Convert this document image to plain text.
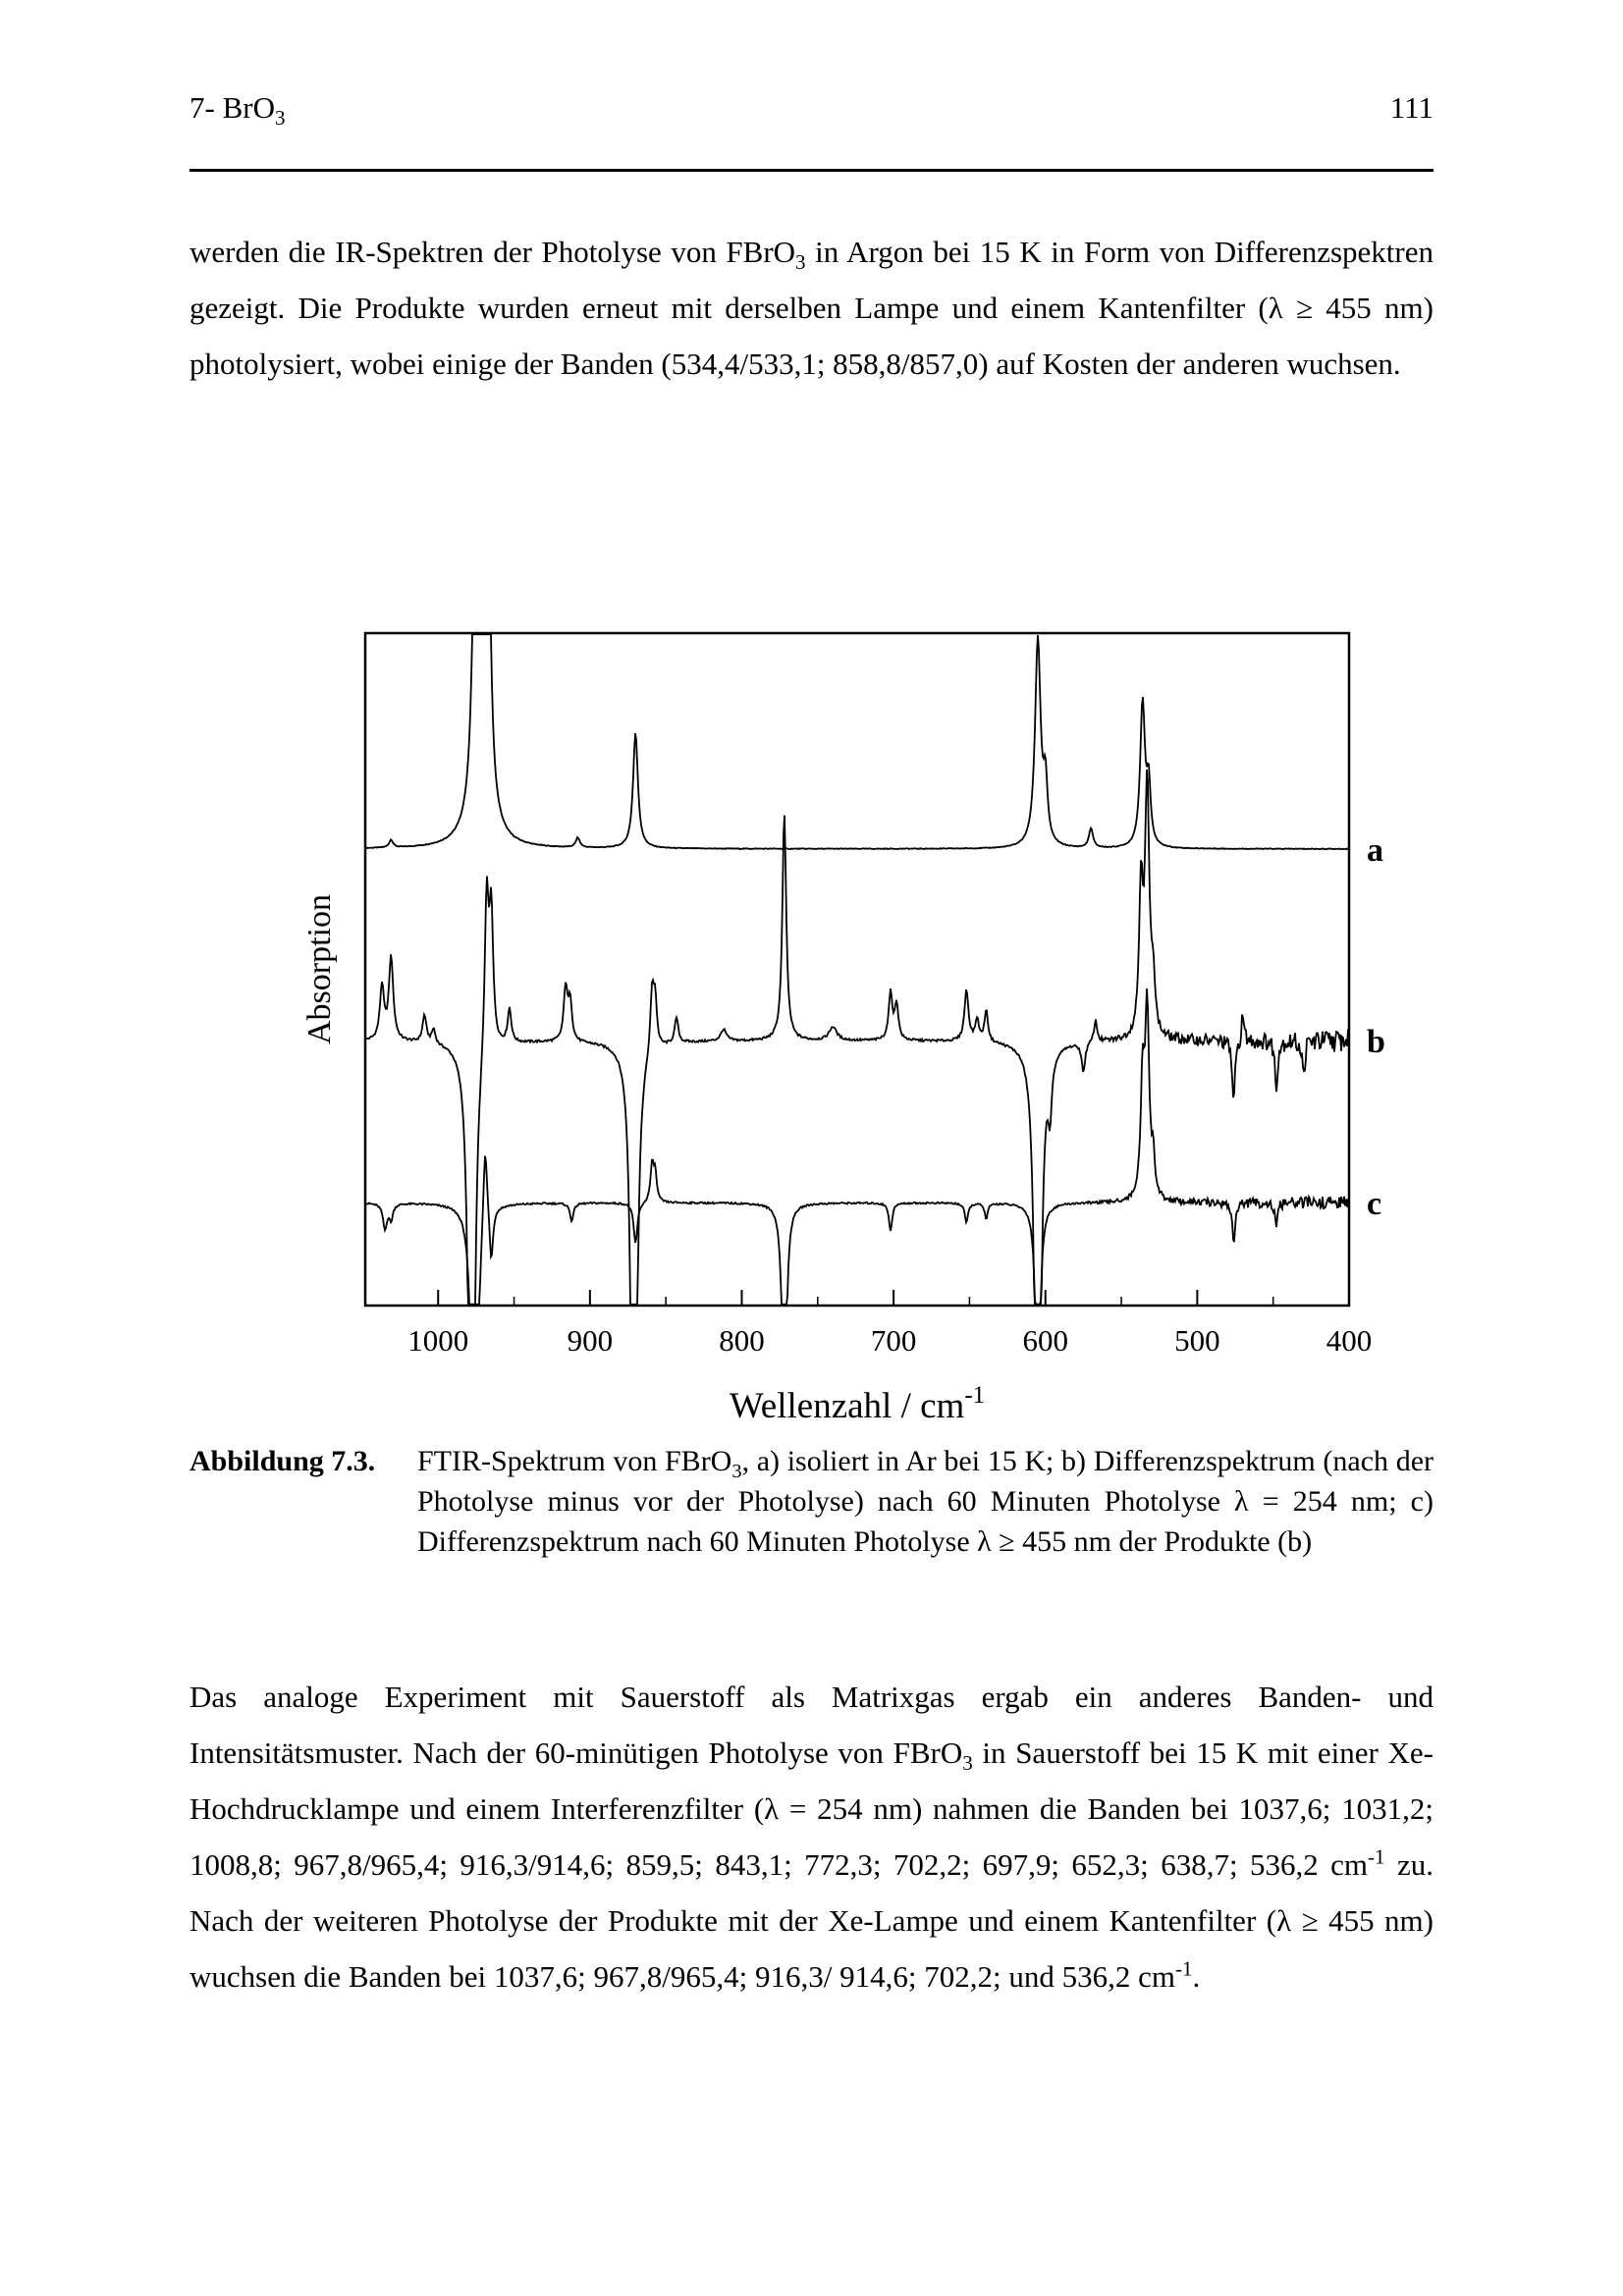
7- BrO$_3$	111

werden die IR-Spektren der Photolyse von FBrO$_3$ in Argon bei 15 K in Form von Differenzspektren gezeigt. Die Produkte wurden erneut mit derselben Lampe und einem Kantenfilter (λ ≥ 455 nm) photolysiert, wobei einige der Banden (534,4/533,1; 858,8/857,0) auf Kosten der anderen wuchsen.

a
b
c
1000	900	800	700	600	500	400
Wellenzahl / $cm^{-1}$
Absorption
Abbildung 7.3. FTIR-Spektrum von FBrO$_3$, a) isoliert in Ar bei 15 K; b) Differenzspektrum (nach der Photolyse minus vor der Photolyse) nach 60 Minuten Photolyse λ = 254 nm; c) Differenzspektrum nach 60 Minuten Photolyse λ ≥ 455 nm der Produkte (b)

Das analoge Experiment mit Sauerstoff als Matrixgas ergab ein anderes Banden- und Intensitätsmuster. Nach der 60-minütigen Photolyse von FBrO$_3$ in Sauerstoff bei 15 K mit einer Xe-Hochdrucklampe und einem Interferenzfilter (λ = 254 nm) nahmen die Banden bei 1037,6; 1031,2; 1008,8; 967,8/965,4; 916,3/914,6; 859,5; 843,1; 772,3; 702,2; 697,9; 652,3; 638,7; 536,2 $cm^{-1}$ zu. Nach der weiteren Photolyse der Produkte mit der Xe-Lampe und einem Kantenfilter (λ ≥ 455 nm) wuchsen die Banden bei 1037,6; 967,8/965,4; 916,3/ 914,6; 702,2; und 536,2 $cm^{-1}$.
